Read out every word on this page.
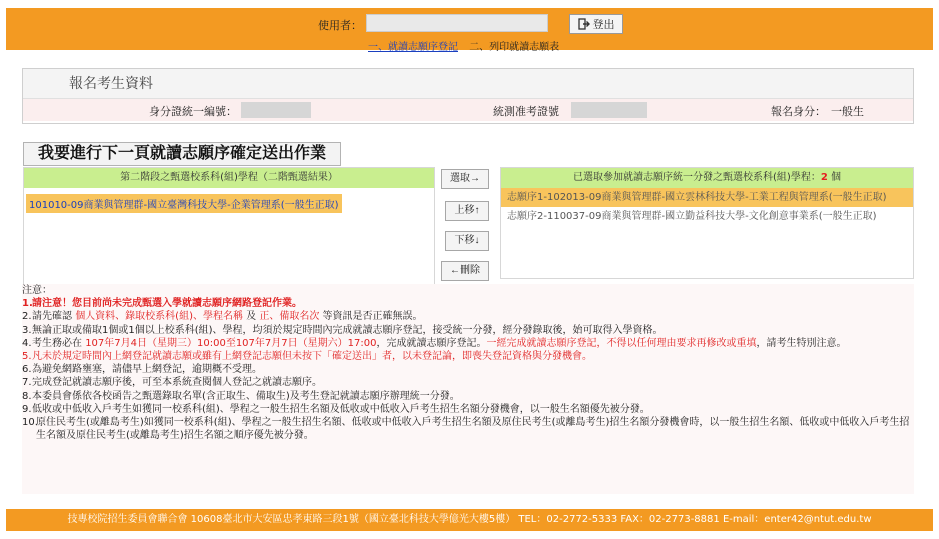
使用者：	登出
一、就讀志願序登記 二、列印就讀志願表
報名考生資料
身分證統一編號：	統測准考證號	報名身分： 一般生
我要進行下一頁就讀志願序確定送出作業
第二階段之甄選校系科(組)學程（二階甄選結果）
101010-09商業與管理群-國立臺灣科技大學-企業管理系(一般生正取)
選取→
上移↑
下移↓
←刪除
已選取參加就讀志願序統一分發之甄選校系科(組)學程：2 個
志願序1-102013-09商業與管理群-國立雲林科技大學-工業工程與管理系(一般生正取)
志願序2-110037-09商業與管理群-國立勤益科技大學-文化創意事業系(一般生正取)
注意：
1. 請注意！您目前尚未完成甄選入學就讀志願序網路登記作業。
2. 請先確認 個人資料、錄取校系科(組)、學程名稱 及 正、備取名次 等資訊是否正確無誤。
3. 無論正取或備取1個或1個以上校系科(組)、學程，均須於規定時間內完成就讀志願序登記，接受統一分發，經分發錄取後，始可取得入學資格。
4. 考生務必在 107年7月4日（星期三）10:00至107年7月7日（星期六）17:00，完成就讀志願序登記。一經完成就讀志願序登記，不得以任何理由要求再修改或重填，請考生特別注意。
5. 凡未於規定時間內上網登記就讀志願或雖有上網登記志願但未按下「確定送出」者，以未登記論，即喪失登記資格與分發機會。
6. 為避免網路壅塞，請儘早上網登記，逾期概不受理。
7. 完成登記就讀志願序後，可至本系統查閱個人登記之就讀志願序。
8. 本委員會係依各校函告之甄選錄取名單(含正取生、備取生)及考生登記就讀志願序辦理統一分發。
9. 低收或中低收入戶考生如獲同一校系科(組)、學程之一般生招生名額及低收或中低收入戶考生招生名額分發機會，以一般生名額優先被分發。
10.
原住民考生(或離島考生)如獲同一校系科(組)、學程之一般生招生名額、低收或中低收入戶考生招生名額及原住民考生(或離島考生)招生名額分發機會時，以一般生招生名額、低收或中低收入戶考生招生名額及原住民考生(或離島考生)招生名額之順序優先被分發。
技專校院招生委員會聯合會 10608臺北市大安區忠孝東路三段1號（國立臺北科技大學億光大樓5樓） TEL：02-2772-5333 FAX：02-2773-8881 E-mail：enter42@ntut.edu.tw
